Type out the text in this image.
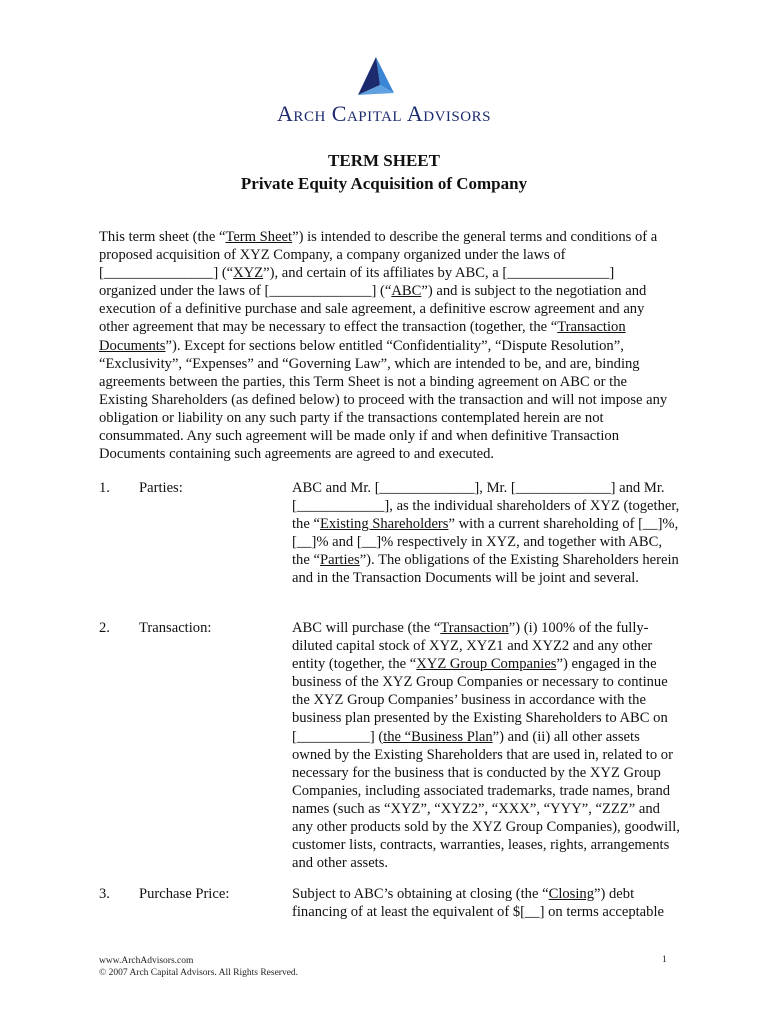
Arch Capital Advisors
TERM SHEET
Private Equity Acquisition of Company

This term sheet (the “Term Sheet”) is intended to describe the general terms and conditions of a proposed acquisition of XYZ Company, a company organized under the laws of [_______________] (“XYZ”), and certain of its affiliates by ABC, a [______________] organized under the laws of [______________] (“ABC”) and is subject to the negotiation and execution of a definitive purchase and sale agreement, a definitive escrow agreement and any other agreement that may be necessary to effect the transaction (together, the “Transaction Documents”). Except for sections below entitled “Confidentiality”, “Dispute Resolution”, “Exclusivity”, “Expenses” and “Governing Law”, which are intended to be, and are, binding agreements between the parties, this Term Sheet is not a binding agreement on ABC or the Existing Shareholders (as defined below) to proceed with the transaction and will not impose any obligation or liability on any such party if the transactions contemplated herein are not consummated. Any such agreement will be made only if and when definitive Transaction Documents containing such agreements are agreed to and executed.

1. Parties:	ABC and Mr. [_____________], Mr. [_____________] and Mr. [____________], as the individual shareholders of XYZ (together, the “Existing Shareholders” with a current shareholding of [__]%, [__]% and [__]% respectively in XYZ, and together with ABC, the “Parties”). The obligations of the Existing Shareholders herein and in the Transaction Documents will be joint and several.
2. Transaction:	ABC will purchase (the “Transaction”) (i) 100% of the fully-diluted capital stock of XYZ, XYZ1 and XYZ2 and any other entity (together, the “XYZ Group Companies”) engaged in the business of the XYZ Group Companies or necessary to continue the XYZ Group Companies’ business in accordance with the business plan presented by the Existing Shareholders to ABC on [__________] (the “Business Plan”) and (ii) all other assets owned by the Existing Shareholders that are used in, related to or necessary for the business that is conducted by the XYZ Group Companies, including associated trademarks, trade names, brand names (such as “XYZ”, “XYZ2”, “XXX”, “YYY”, “ZZZ” and any other products sold by the XYZ Group Companies), goodwill, customer lists, contracts, warranties, leases, rights, arrangements and other assets.
3. Purchase Price:	Subject to ABC’s obtaining at closing (the “Closing”) debt financing of at least the equivalent of $[__] on terms acceptable
www.ArchAdvisors.com
© 2007 Arch Capital Advisors. All Rights Reserved.
1
